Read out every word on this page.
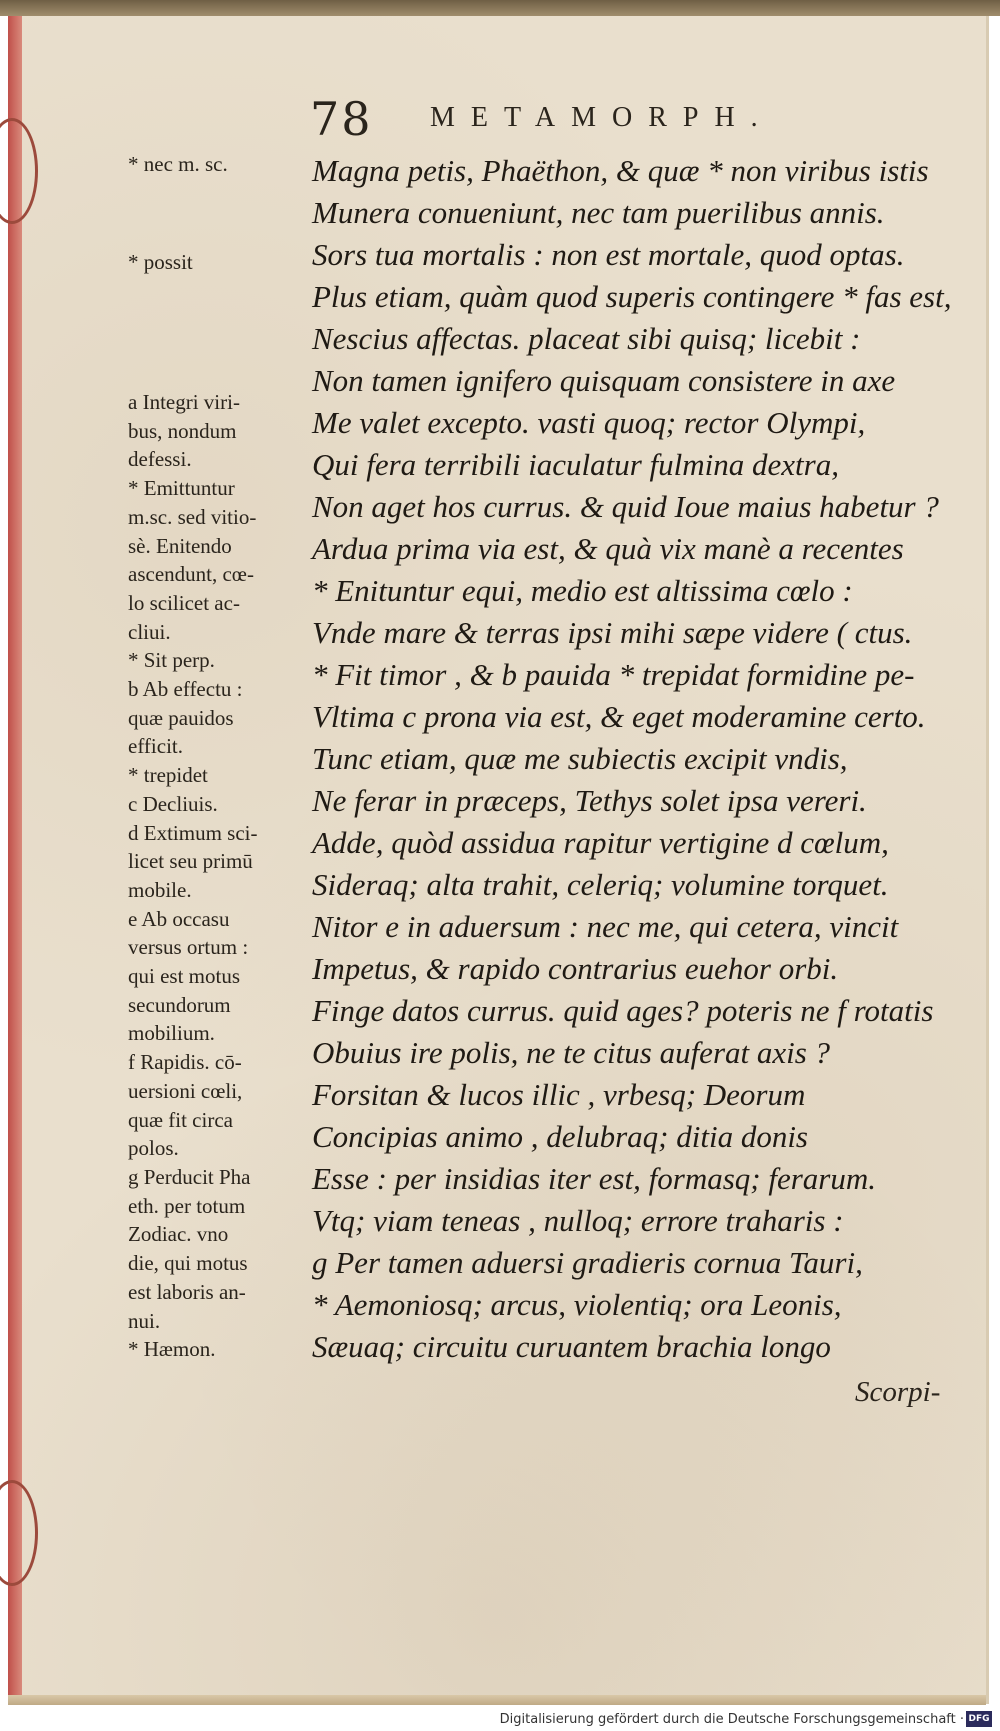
78 METAMORPH.
Magna petis, Phaëthon, & quæ * non viribus istis
Munera conueniunt, nec tam puerilibus annis.
Sors tua mortalis : non est mortale, quod optas.
Plus etiam, quàm quod superis contingere * fas est,
Nescius affectas. placeat sibi quisq; licebit :
Non tamen ignifero quisquam consistere in axe
Me valet excepto. vasti quoq; rector Olympi,
Qui fera terribili iaculatur fulmina dextra,
Non aget hos currus. & quid Ioue maius habetur ?
Ardua prima via est, & quà vix manè a recentes
* Enituntur equi, medio est altissima cœlo :
Vnde mare & terras ipsi mihi sæpe videre ( ctus.
* Fit timor , & b pauida * trepidat formidine pe-
Vltima c prona via est, & eget moderamine certo.
Tunc etiam, quæ me subiectis excipit vndis,
Ne ferar in præceps, Tethys solet ipsa vereri.
Adde, quòd assidua rapitur vertigine d cœlum,
Sideraq; alta trahit, celeriq; volumine torquet.
Nitor e in aduersum : nec me, qui cetera, vincit
Impetus, & rapido contrarius euehor orbi.
Finge datos currus. quid ages? poteris ne f rotatis
Obuius ire polis, ne te citus auferat axis ?
Forsitan & lucos illic , vrbesq; Deorum
Concipias animo , delubraq; ditia donis
Esse : per insidias iter est, formasq; ferarum.
Vtq; viam teneas , nulloq; errore traharis :
g Per tamen aduersi gradieris cornua Tauri,
* Aemoniosq; arcus, violentiq; ora Leonis,
Sæuaq; circuitu curuantem brachia longo
Scorpi-
* nec m. sc.
* possit
a Integri viri-
bus, nondum
defessi.
* Emittuntur
m.sc. sed vitio-
sè. Enitendo
ascendunt, cœ-
lo scilicet ac-
cliui.
* Sit perp.
b Ab effectu :
quæ pauidos
efficit.
* trepidet
c Decliuis.
d Extimum sci-
licet seu primū
mobile.
e Ab occasu
versus ortum :
qui est motus
secundorum
mobilium.
f Rapidis. cō-
uersioni cœli,
quæ fit circa
polos.
g Perducit Pha
eth. per totum
Zodiac. vno
die, qui motus
est laboris an-
nui.
* Hæmon.
Digitalisierung gefördert durch die Deutsche Forschungsgemeinschaft · DFG
